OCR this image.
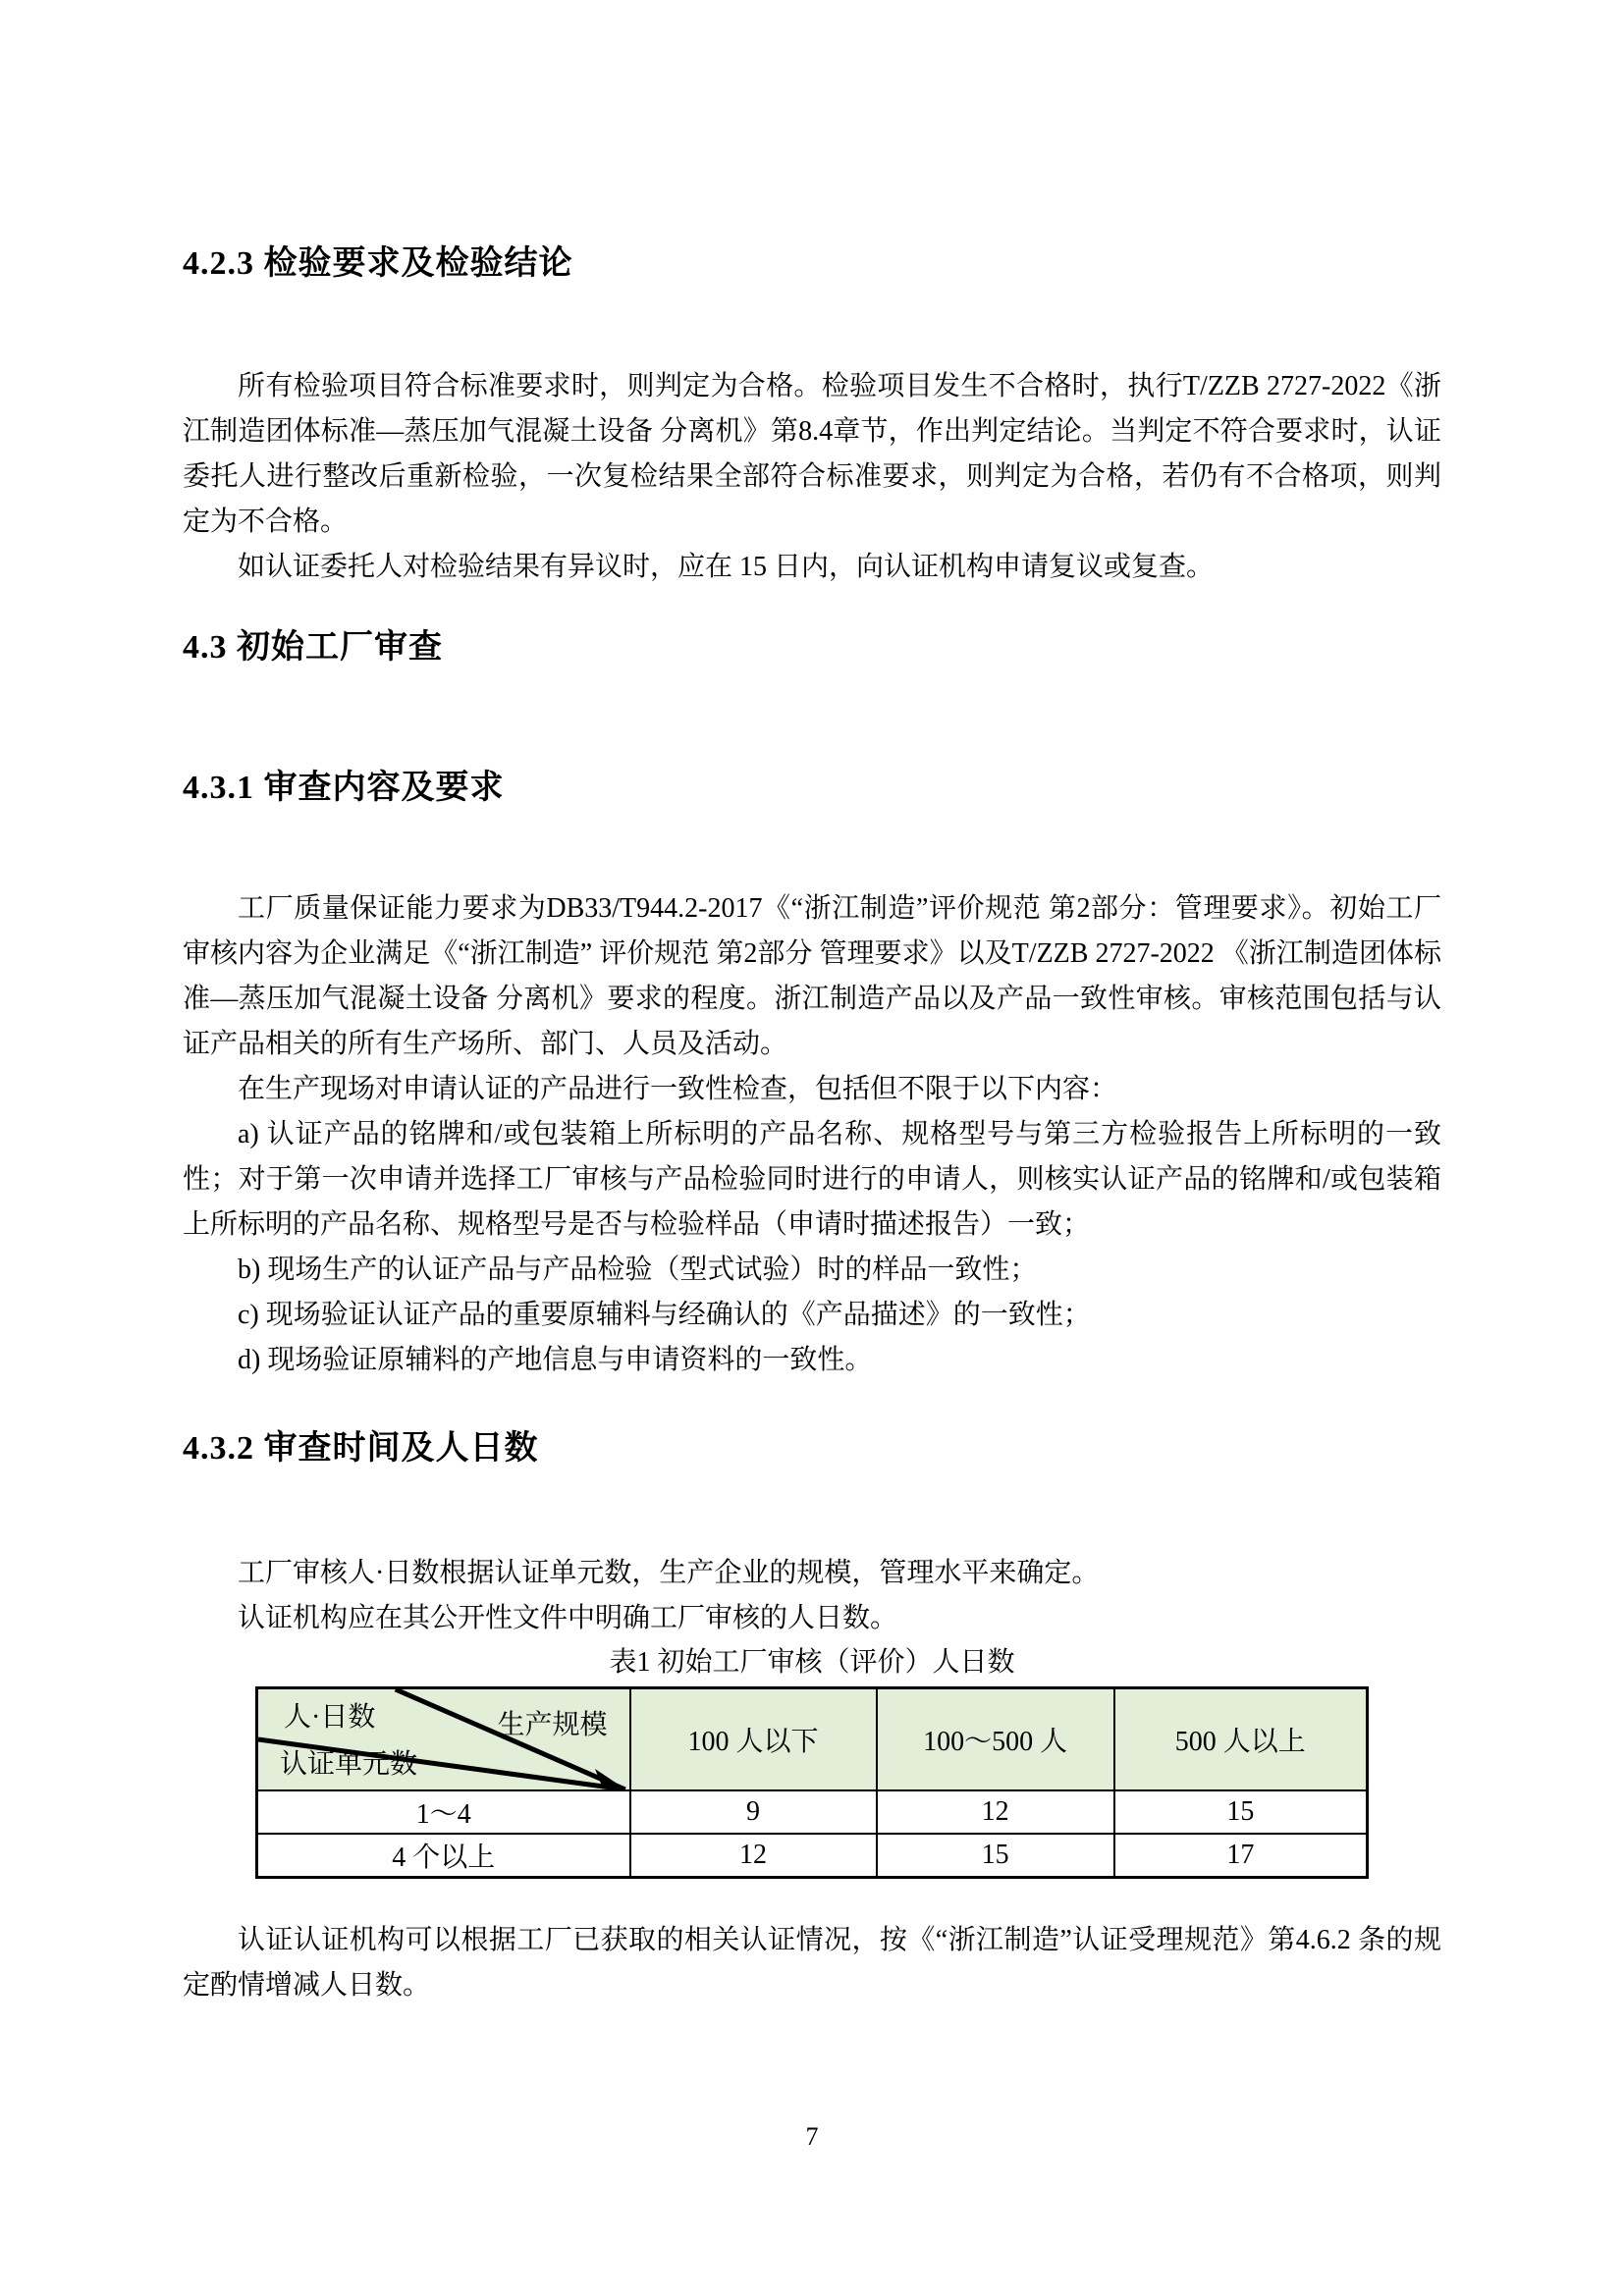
4.2.3 检验要求及检验结论

所有检验项目符合标准要求时，则判定为合格。检验项目发生不合格时，执行T/ZZB 2727-2022《浙江制造团体标准—蒸压加气混凝土设备 分离机》第8.4章节，作出判定结论。当判定不符合要求时，认证委托人进行整改后重新检验，一次复检结果全部符合标准要求，则判定为合格，若仍有不合格项，则判定为不合格。

如认证委托人对检验结果有异议时，应在 15 日内，向认证机构申请复议或复查。

4.3 初始工厂审查
4.3.1 审查内容及要求

工厂质量保证能力要求为DB33/T944.2-2017《“浙江制造”评价规范 第2部分：管理要求》。初始工厂审核内容为企业满足《“浙江制造” 评价规范 第2部分 管理要求》以及T/ZZB 2727-2022 《浙江制造团体标准—蒸压加气混凝土设备 分离机》要求的程度。浙江制造产品以及产品一致性审核。审核范围包括与认证产品相关的所有生产场所、部门、人员及活动。

在生产现场对申请认证的产品进行一致性检查，包括但不限于以下内容：

a) 认证产品的铭牌和/或包装箱上所标明的产品名称、规格型号与第三方检验报告上所标明的一致性；对于第一次申请并选择工厂审核与产品检验同时进行的申请人，则核实认证产品的铭牌和/或包装箱上所标明的产品名称、规格型号是否与检验样品（申请时描述报告）一致；

b) 现场生产的认证产品与产品检验（型式试验）时的样品一致性；

c) 现场验证认证产品的重要原辅料与经确认的《产品描述》的一致性；

d) 现场验证原辅料的产地信息与申请资料的一致性。

4.3.2 审查时间及人日数

工厂审核人·日数根据认证单元数，生产企业的规模，管理水平来确定。

认证机构应在其公开性文件中明确工厂审核的人日数。

表1 初始工厂审核（评价）人日数
人·日数 生产规模
认证单元数	100 人以下	100～500 人	500 人以上
1～4	9	12	15
4 个以上	12	15	17

认证认证机构可以根据工厂已获取的相关认证情况，按《“浙江制造”认证受理规范》第4.6.2 条的规定酌情增减人日数。

7
